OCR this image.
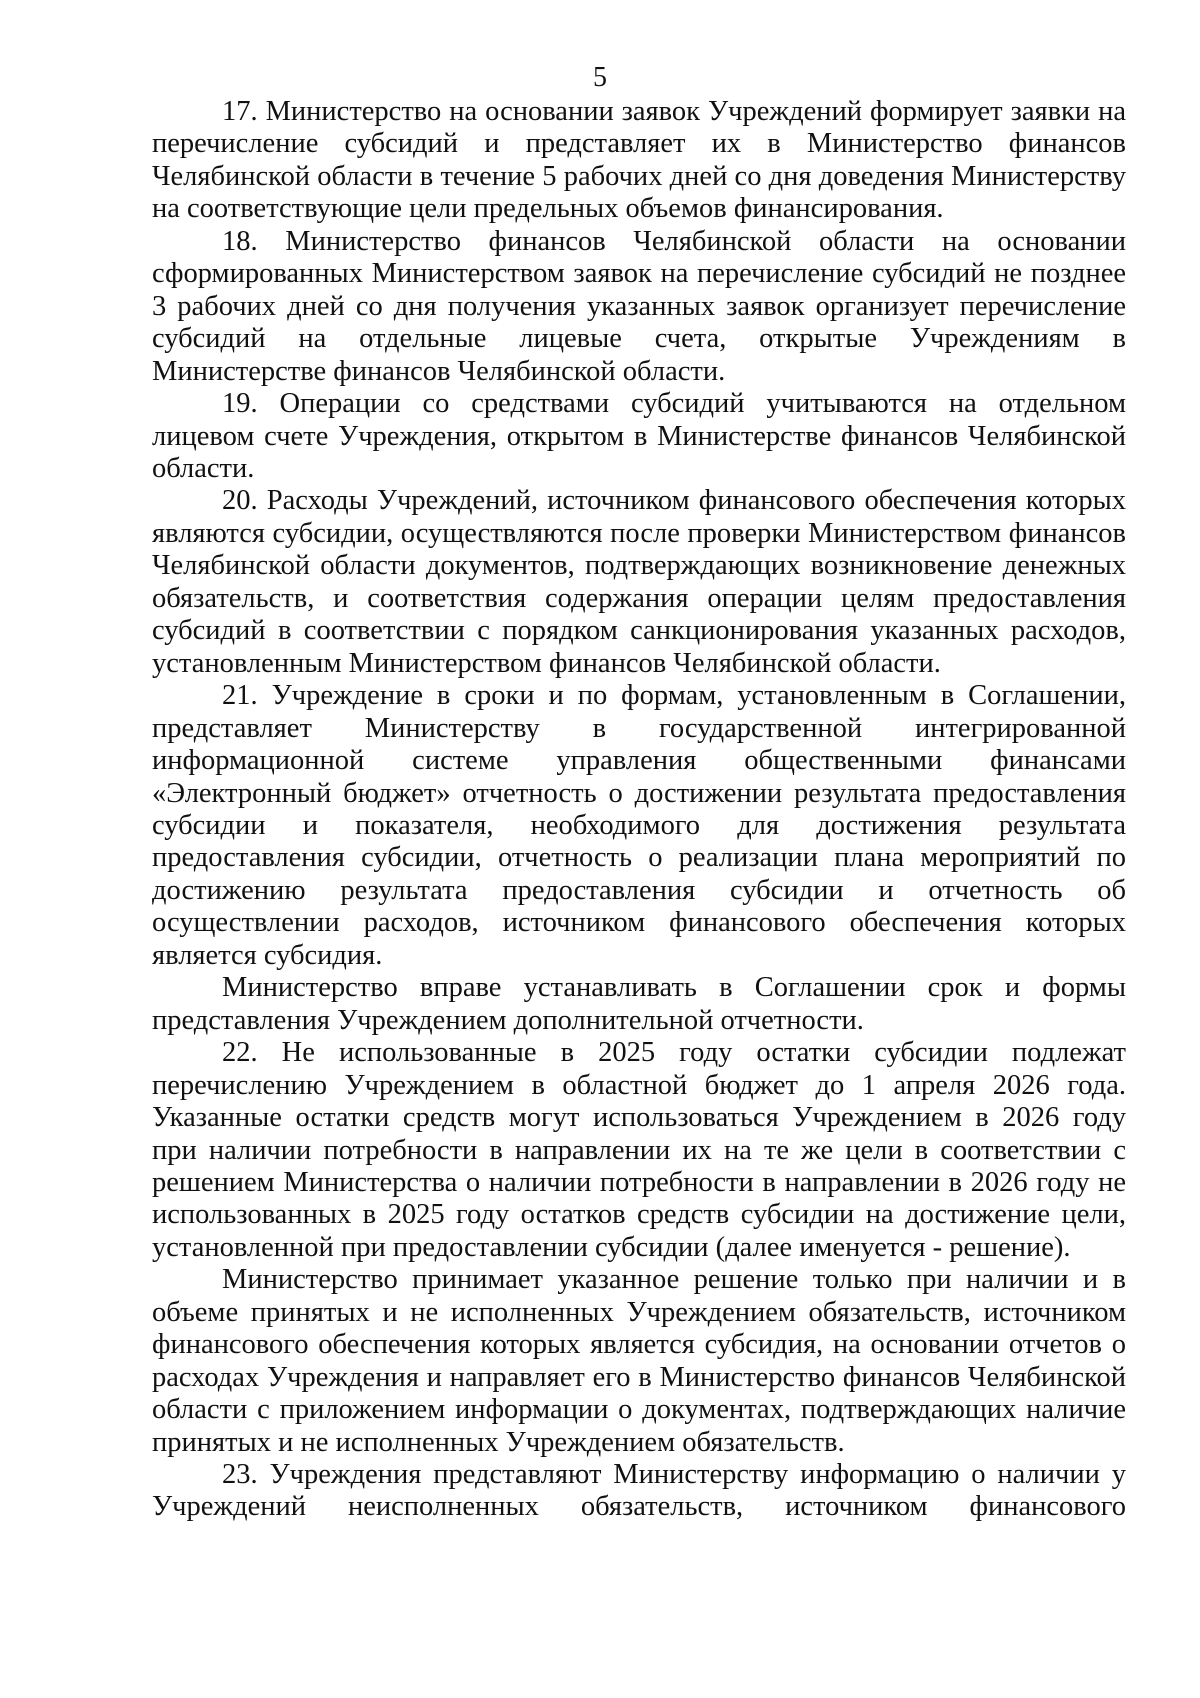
5

17. Министерство на основании заявок Учреждений формирует заявки на перечисление субсидий и представляет их в Министерство финансов Челябинской области в течение 5 рабочих дней со дня доведения Министерству на соответствующие цели предельных объемов финансирования.

18. Министерство финансов Челябинской области на основании сформированных Министерством заявок на перечисление субсидий не позднее 3 рабочих дней со дня получения указанных заявок организует перечисление субсидий на отдельные лицевые счета, открытые Учреждениям в Министерстве финансов Челябинской области.

19. Операции со средствами субсидий учитываются на отдельном лицевом счете Учреждения, открытом в Министерстве финансов Челябинской области.

20. Расходы Учреждений, источником финансового обеспечения которых являются субсидии, осуществляются после проверки Министерством финансов Челябинской области документов, подтверждающих возникновение денежных обязательств, и соответствия содержания операции целям предоставления субсидий в соответствии с порядком санкционирования указанных расходов, установленным Министерством финансов Челябинской области.

21. Учреждение в сроки и по формам, установленным в Соглашении, представляет Министерству в государственной интегрированной информационной системе управления общественными финансами «Электронный бюджет» отчетность о достижении результата предоставления субсидии и показателя, необходимого для достижения результата предоставления субсидии, отчетность о реализации плана мероприятий по достижению результата предоставления субсидии и отчетность об осуществлении расходов, источником финансового обеспечения которых является субсидия.

Министерство вправе устанавливать в Соглашении срок и формы представления Учреждением дополнительной отчетности.

22. Не использованные в 2025 году остатки субсидии подлежат перечислению Учреждением в областной бюджет до 1 апреля 2026 года. Указанные остатки средств могут использоваться Учреждением в 2026 году при наличии потребности в направлении их на те же цели в соответствии с решением Министерства о наличии потребности в направлении в 2026 году не использованных в 2025 году остатков средств субсидии на достижение цели, установленной при предоставлении субсидии (далее именуется - решение).

Министерство принимает указанное решение только при наличии и в объеме принятых и не исполненных Учреждением обязательств, источником финансового обеспечения которых является субсидия, на основании отчетов о расходах Учреждения и направляет его в Министерство финансов Челябинской области с приложением информации о документах, подтверждающих наличие принятых и не исполненных Учреждением обязательств.

23. Учреждения представляют Министерству информацию о наличии у Учреждений неисполненных обязательств, источником финансового
